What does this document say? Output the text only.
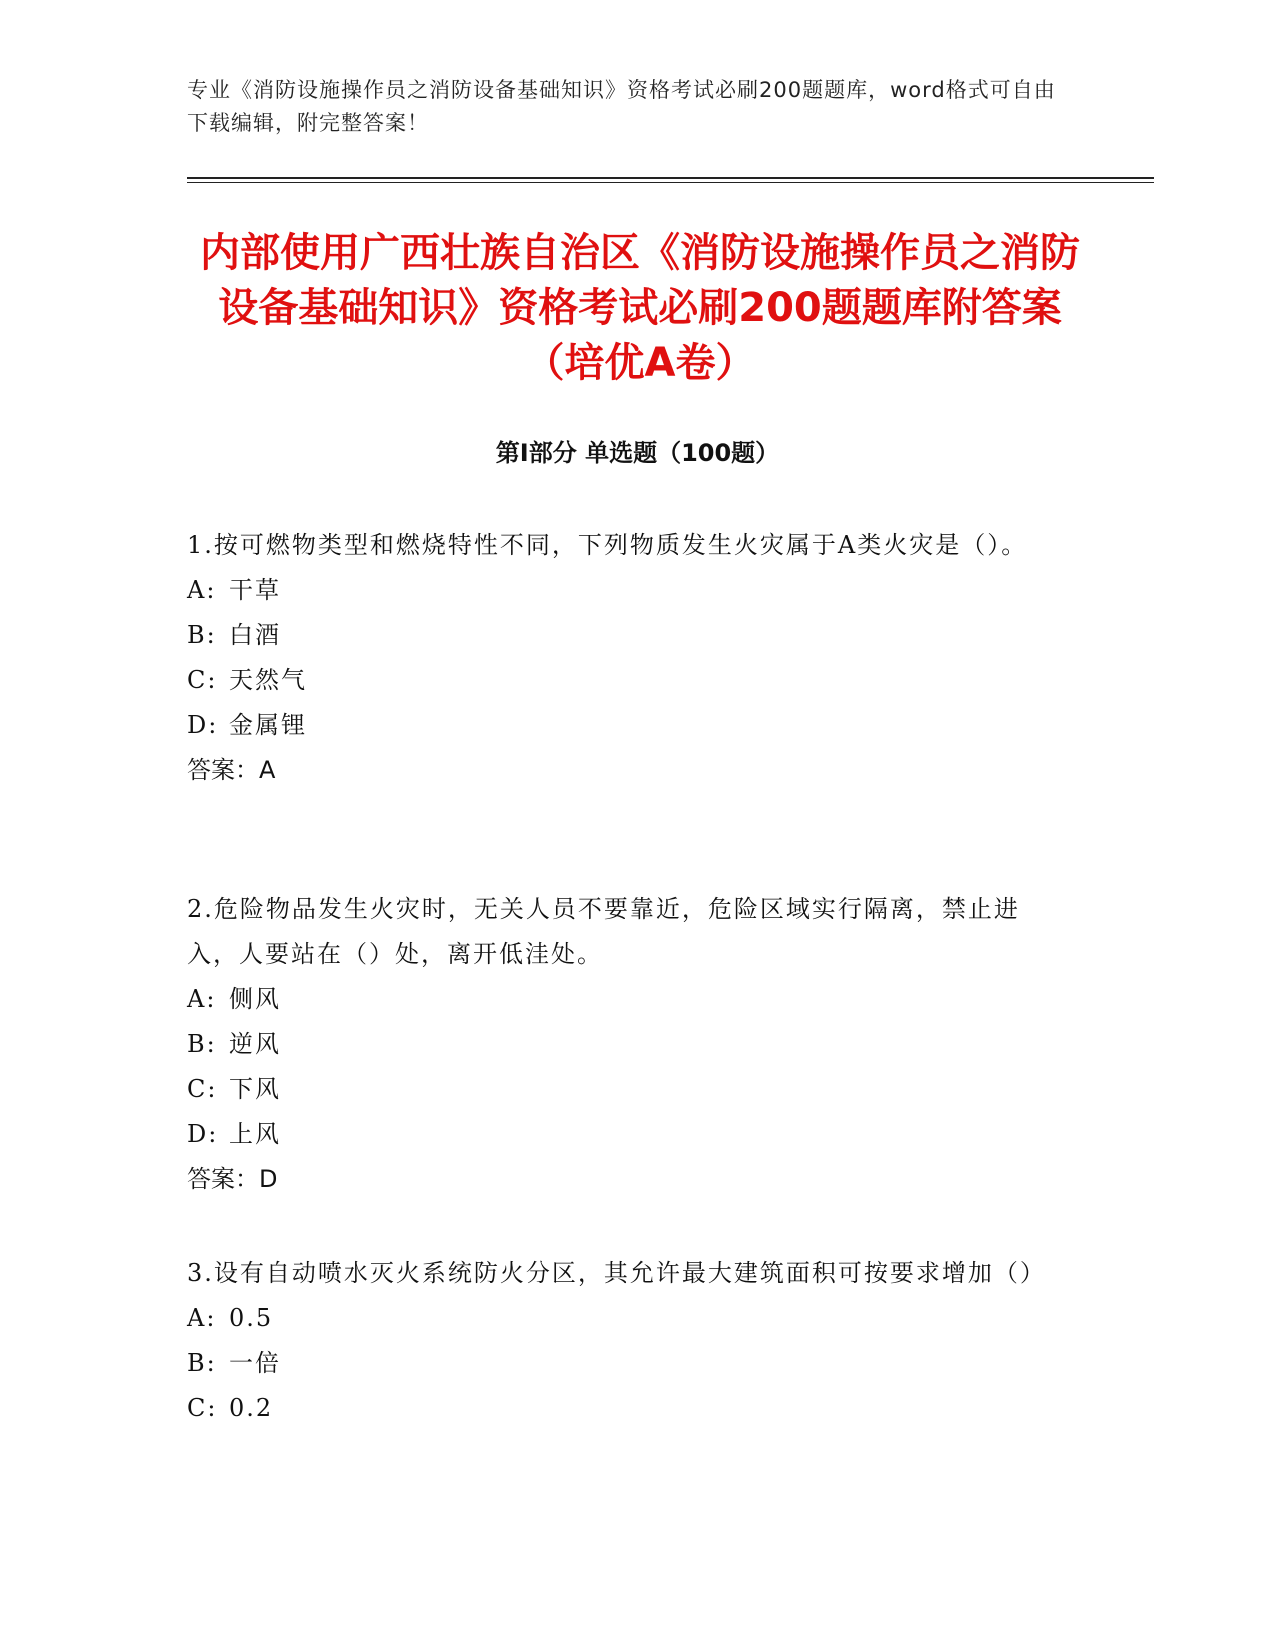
专业《消防设施操作员之消防设备基础知识》资格考试必刷200题题库，word格式可自由下载编辑，附完整答案！

内部使用广西壮族自治区《消防设施操作员之消防设备基础知识》资格考试必刷200题题库附答案（培优A卷）
第Ⅰ部分 单选题（100题）

1.按可燃物类型和燃烧特性不同，下列物质发生火灾属于A类火灾是（）。

A: 干草

B: 白酒

C: 天然气

D: 金属锂

答案：A

2.危险物品发生火灾时，无关人员不要靠近，危险区域实行隔离，禁止进入，人要站在（）处，离开低洼处。

A: 侧风

B: 逆风

C: 下风

D: 上风

答案：D

3.设有自动喷水灭火系统防火分区，其允许最大建筑面积可按要求增加（）

A: 0.5

B: 一倍

C: 0.2
